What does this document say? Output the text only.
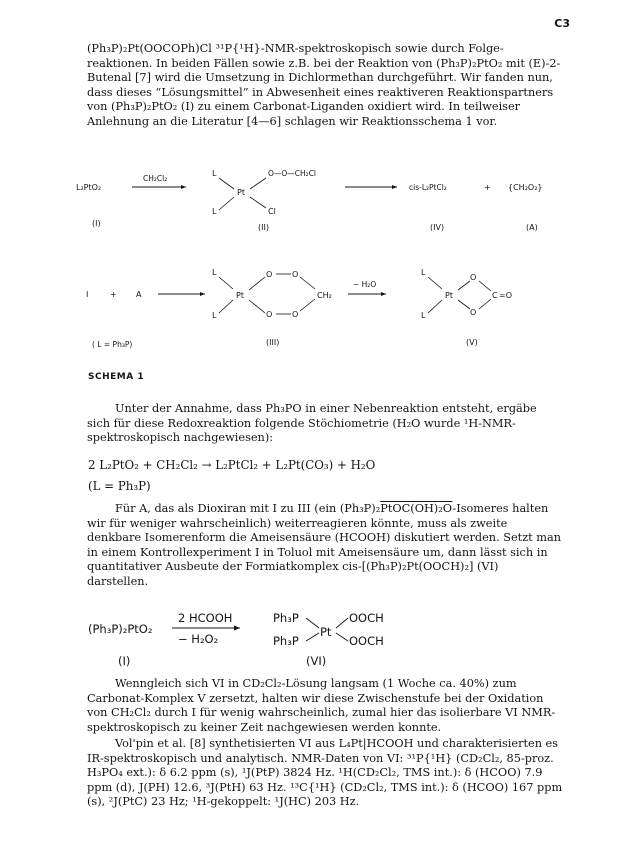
C3

(Ph₃P)₂Pt(OOCOPh)Cl ³¹P{¹H}-NMR-spektroskopisch sowie durch Folgereaktionen. In beiden Fällen sowie z.B. bei der Reaktion von (Ph₃P)₂PtO₂ mit (E)-2-Butenal [7] wird die Umsetzung in Dichlormethan durchgeführt. Wir fanden nun, dass dieses “Lösungsmittel” in Abwesenheit eines reaktiveren Reaktionspartners von (Ph₃P)₂PtO₂ (I) zu einem Carbonat-Liganden oxidiert wird. In teilweiser Anlehnung an die Literatur [4—6] schlagen wir Reaktionsschema 1 vor.

L₂PtO₂
CH₂Cl₂
L
L
Pt
O—O—CH₂Cl
Cl
cis-L₂PtCl₂	+ {CH₂O₂}
(I)	(II)	(IV)	(A)
I	+ A
L
L
Pt
O O
O O
CH₂
− H₂O
L
L
Pt
O
O
C =O
( L = Ph₃P)	(III)	(V)
SCHEMA 1

Unter der Annahme, dass Ph₃PO in einer Nebenreaktion entsteht, ergäbe sich für diese Redoxreaktion folgende Stöchiometrie (H₂O wurde ¹H-NMR-spektroskopisch nachgewiesen):

2 L₂PtO₂ + CH₂Cl₂ → L₂PtCl₂ + L₂Pt(CO₃) + H₂O
(L = Ph₃P)

Für A, das als Dioxiran mit I zu III (ein (Ph₃P)₂PtOC(OH)₂O-Isomeres halten wir für weniger wahrscheinlich) weiterreagieren könnte, muss als zweite denkbare Isomerenform die Ameisensäure (HCOOH) diskutiert werden. Setzt man in einem Kontrollexperiment I in Toluol mit Ameisensäure um, dann lässt sich in quantitativer Ausbeute der Formiatkomplex cis-[(Ph₃P)₂Pt(OOCH)₂] (VI) darstellen.

(Ph₃P)₂PtO₂
2 HCOOH
− H₂O₂
Ph₃P
Ph₃P
Pt
OOCH
OOCH
(I)	(VI)

Wenngleich sich VI in CD₂Cl₂-Lösung langsam (1 Woche ca. 40%) zum Carbonat-Komplex V zersetzt, halten wir diese Zwischenstufe bei der Oxidation von CH₂Cl₂ durch I für wenig wahrscheinlich, zumal hier das isolierbare VI NMR-spektroskopisch zu keiner Zeit nachgewiesen werden konnte.

Vol'pin et al. [8] synthetisierten VI aus L₄Pt|HCOOH und charakterisierten es IR-spektroskopisch und analytisch. NMR-Daten von VI: ³¹P{¹H} (CD₂Cl₂, 85-proz. H₃PO₄ ext.): δ 6.2 ppm (s), ¹J(PtP) 3824 Hz. ¹H(CD₂Cl₂, TMS int.): δ (HCOO) 7.9 ppm (d), J(PH) 12.6, ³J(PtH) 63 Hz. ¹³C{¹H} (CD₂Cl₂, TMS int.): δ (HCOO) 167 ppm (s), ²J(PtC) 23 Hz; ¹H-gekoppelt: ¹J(HC) 203 Hz.
